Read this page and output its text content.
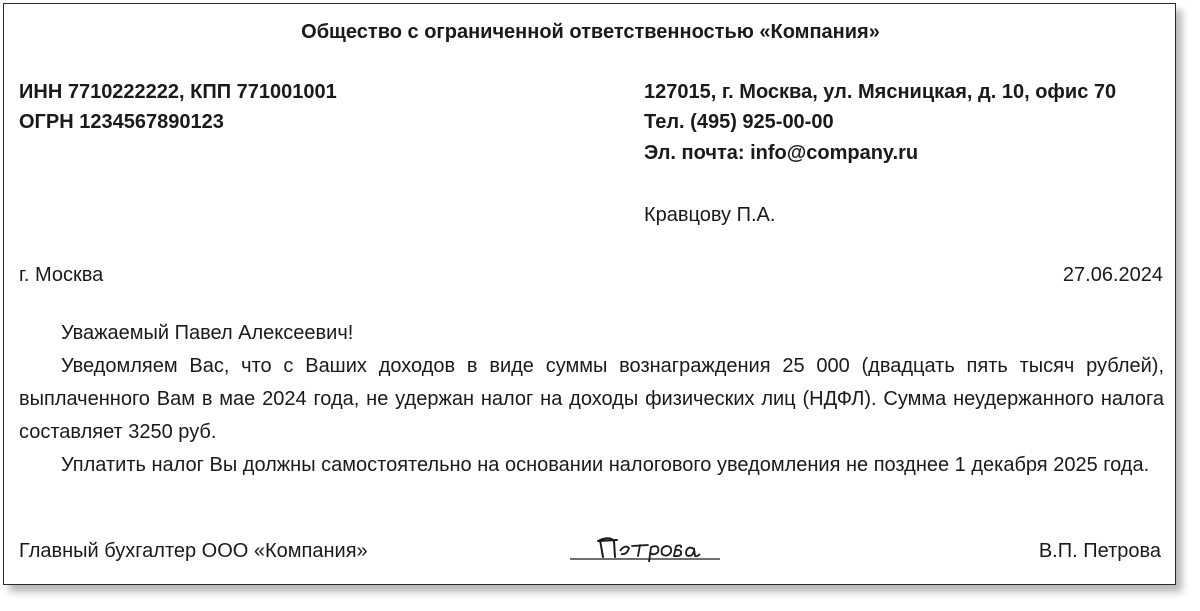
Общество с ограниченной ответственностью «Компания»
ИНН 7710222222, КПП 771001001
ОГРН 1234567890123
127015, г. Москва, ул. Мясницкая, д. 10, офис 70
Тел. (495) 925-00-00
Эл. почта: info@company.ru
Кравцову П.А.
г. Москва	27.06.2024

Уважаемый Павел Алексеевич!

Уведомляем Вас, что с Ваших доходов в виде суммы вознаграждения 25 000 (двадцать пять тысяч рублей), выплаченного Вам в мае 2024 года, не удержан налог на доходы физических лиц (НДФЛ). Сумма неудержанного налога составляет 3250 руб.

Уплатить налог Вы должны самостоятельно на основании налогового уведомления не позднее 1 декабря 2025 года.

Главный бухгалтер ООО «Компания»	В.П. Петрова
